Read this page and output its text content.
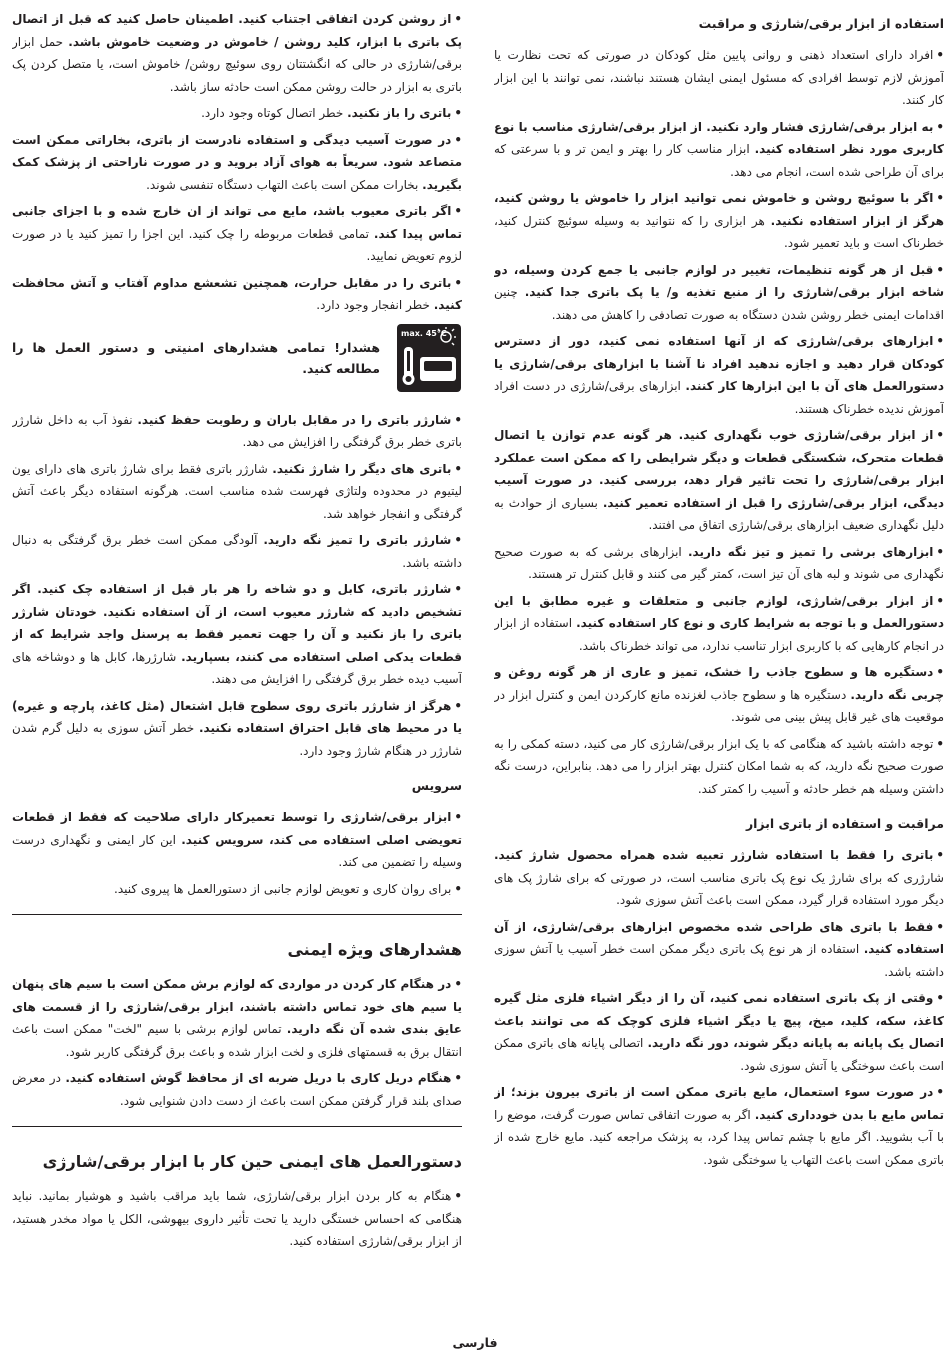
استفاده از ابزار برقی/شارژی و مراقبت
•افراد دارای استعداد ذهنی و روانی پایین مثل کودکان در صورتی که تحت نظارت یا آموزش لازم توسط افرادی که مسئول ایمنی ایشان هستند نباشند، نمی توانند با این ابزار کار کنند.
•به ابزار برقی/شارژی فشار وارد نکنید. از ابزار برقی/شارژی مناسب با نوع کاربری مورد نظر استفاده کنید. ابزار مناسب کار را بهتر و ایمن تر و با سرعتی که برای آن طراحی شده است، انجام می دهد.
•اگر با سوئیچ روشن و خاموش نمی توانید ابزار را خاموش یا روشن کنید، هرگز از ابزار استفاده نکنید. هر ابزاری را که نتوانید به وسیله سوئیچ کنترل کنید، خطرناک است و باید تعمیر شود.
•قبل از هر گونه تنظیمات، تغییر در لوازم جانبی یا جمع کردن وسیله، دو شاخه ابزار برقی/شارژی را از منبع تغذیه و/ یا پک باتری جدا کنید. چنین اقدامات ایمنی خطر روشن شدن دستگاه به صورت تصادفی را کاهش می دهند.
•ابزارهای برقی/شارژی که از آنها استفاده نمی کنید، دور از دسترس کودکان قرار دهید و اجازه ندهید افراد نا آشنا با ابزارهای برقی/شارژی یا دستورالعمل های آن با این ابزارها کار کنند. ابزارهای برقی/شارژی در دست افراد آموزش ندیده خطرناک هستند.
•از ابزار برقی/شارژی خوب نگهداری کنید. هر گونه عدم توازن یا اتصال قطعات متحرک، شکستگی قطعات و دیگر شرایطی را که ممکن است عملکرد ابزار برقی/شارژی را تحت تاثیر قرار دهد، بررسی کنید. در صورت آسیب دیدگی، ابزار برقی/شارژی را قبل از استفاده تعمیر کنید. بسیاری از حوادث به دلیل نگهداری ضعیف ابزارهای برقی/شارژی اتفاق می افتند.
•ابزارهای برشی را تمیز و تیز نگه دارید. ابزارهای برشی که به صورت صحیح نگهداری می شوند و لبه های آن تیز است، کمتر گیر می کنند و قابل کنترل تر هستند.
•از ابزار برقی/شارژی، لوازم جانبی و متعلقات و غیره مطابق با این دستورالعمل و با توجه به شرایط کاری و نوع کار استفاده کنید. استفاده از ابزار در انجام کارهایی که با کاربری ابزار تناسب ندارد، می تواند خطرناک باشد.
•دستگیره ها و سطوح جاذب را خشک، تمیز و عاری از هر گونه روغن و چربی نگه دارید. دستگیره ها و سطوح جاذب لغزنده مانع کارکردن ایمن و کنترل ابزار در موقعیت های غیر قابل پیش بینی می شوند.
•توجه داشته باشید که هنگامی که با یک ابزار برقی/شارژی کار می کنید، دسته کمکی را به صورت صحیح نگه دارید، که به شما امکان کنترل بهتر ابزار را می دهد. بنابراین، درست نگه داشتن وسیله هم خطر حادثه و آسیب را کمتر کند.
مراقبت و استفاده از باتری ابزار
•باتری را فقط با استفاده شارژر تعبیه شده همراه محصول شارژ کنید. شارژری که برای شارژ یک نوع پک باتری مناسب است، در صورتی که برای شارژ پک های دیگر مورد استفاده قرار گیرد، ممکن است باعث آتش سوزی شود.
•فقط با باتری های طراحی شده مخصوص ابزارهای برقی/شارژی، از آن استفاده کنید. استفاده از هر نوع پک باتری دیگر ممکن است خطر آسیب یا آتش سوزی داشته باشد.
•وقتی از پک باتری استفاده نمی کنید، آن را از دیگر اشیاء فلزی مثل گیره کاغذ، سکه، کلید، میخ، پیچ یا دیگر اشیاء فلزی کوچک که می توانند باعث اتصال یک پایانه به پایانه دیگر شوند، دور نگه دارید. اتصالی پایانه های باتری ممکن است باعث سوختگی یا آتش سوزی شود.
•در صورت سوء استعمال، مایع باتری ممکن است از باتری بیرون بزند؛ از تماس مایع با بدن خودداری کنید. اگر به صورت اتفاقی تماس صورت گرفت، موضع را با آب بشویید. اگر مایع با چشم تماس پیدا کرد، به پزشک مراجعه کنید. مایع خارج شده از باتری ممکن است باعث التهاب یا سوختگی شود.
•از روشن کردن اتفاقی اجتناب کنید. اطمینان حاصل کنید که قبل از اتصال پک باتری با ابزار، کلید روشن / خاموش در وضعیت خاموش باشد. حمل ابزار برقی/شارژی در حالی که انگشتتان روی سوئیچ روشن/ خاموش است، یا متصل کردن پک باتری به ابزار در حالت روشن ممکن است حادثه ساز باشد.
•باتری را باز نکنید. خطر اتصال کوتاه وجود دارد.
•در صورت آسیب دیدگی و استفاده نادرست از باتری، بخاراتی ممکن است متصاعد شود. سریعاً به هوای آزاد بروید و در صورت ناراحتی از پزشک کمک بگیرید. بخارات ممکن است باعث التهاب دستگاه تنفسی شوند.
•اگر باتری معیوب باشد، مایع می تواند از ان خارج شده و با اجزای جانبی تماس پیدا کند. تمامی قطعات مربوطه را چک کنید. این اجزا را تمیز کنید یا در صورت لزوم تعویض نمایید.
•باتری را در مقابل حرارت، همچنین تشعشع مداوم آفتاب و آتش محافظت کنید. خطر انفجار وجود دارد.
max. 45°C
هشدار! تمامی هشدارهای امنیتی و دستور العمل ها را مطالعه کنید.
•شارژر باتری را در مقابل باران و رطوبت حفظ کنید. نفوذ آب به داخل شارژر باتری خطر برق گرفتگی را افزایش می دهد.
•باتری های دیگر را شارژ نکنید. شارژر باتری فقط برای شارژ باتری های دارای یون لیتیوم در محدوده ولتاژی فهرست شده مناسب است. هرگونه استفاده دیگر باعث آتش گرفتگی و انفجار خواهد شد.
•شارژر باتری را تمیز نگه دارید. آلودگی ممکن است خطر برق گرفتگی به دنبال داشته باشد.
•شارژر باتری، کابل و دو شاخه را هر بار قبل از استفاده چک کنید. اگر تشخیص دادید که شارژر معیوب است، از آن استفاده نکنید. خودتان شارژر باتری را باز نکنید و آن را جهت تعمیر فقط به پرسنل واجد شرایط که از قطعات یدکی اصلی استفاده می کنند، بسپارید. شارژرها، کابل ها و دوشاخه های آسیب دیده خطر برق گرفتگی را افزایش می دهند.
•هرگز از شارژر باتری روی سطوح قابل اشتعال (مثل کاغذ، پارچه و غیره) یا در محیط های قابل احتراق استفاده نکنید. خطر آتش سوزی به دلیل گرم شدن شارژر در هنگام شارژ وجود دارد.
سرویس
•ابزار برقی/شارژی را توسط تعمیرکار دارای صلاحیت که فقط از قطعات تعویضی اصلی استفاده می کند، سرویس کنید. این کار ایمنی و نگهداری درست وسیله را تضمین می کند.
•برای روان کاری و تعویض لوازم جانبی از دستورالعمل ها پیروی کنید.
هشدارهای ویژه ایمنی
•در هنگام کار کردن در مواردی که لوازم برش ممکن است با سیم های پنهان یا سیم های خود تماس داشته باشند، ابزار برقی/شارژی را از قسمت های عایق بندی شده آن نگه دارید. تماس لوازم برشی با سیم "لخت" ممکن است باعث انتقال برق به قسمتهای فلزی و لخت ابزار شده و باعث برق گرفتگی کاربر شود.
•هنگام دریل کاری با دریل ضربه ای از محافظ گوش استفاده کنید. در معرض صدای بلند قرار گرفتن ممکن است باعث از دست دادن شنوایی شود.
دستورالعمل های ایمنی حین کار با ابزار برقی/شارژی
•هنگام به کار بردن ابزار برقی/شارژی، شما باید مراقب باشید و هوشیار بمانید. نباید هنگامی که احساس خستگی دارید یا تحت تأثیر داروی بیهوشی، الکل یا مواد مخدر هستید، از ابزار برقی/شارژی استفاده کنید.
فارسی
